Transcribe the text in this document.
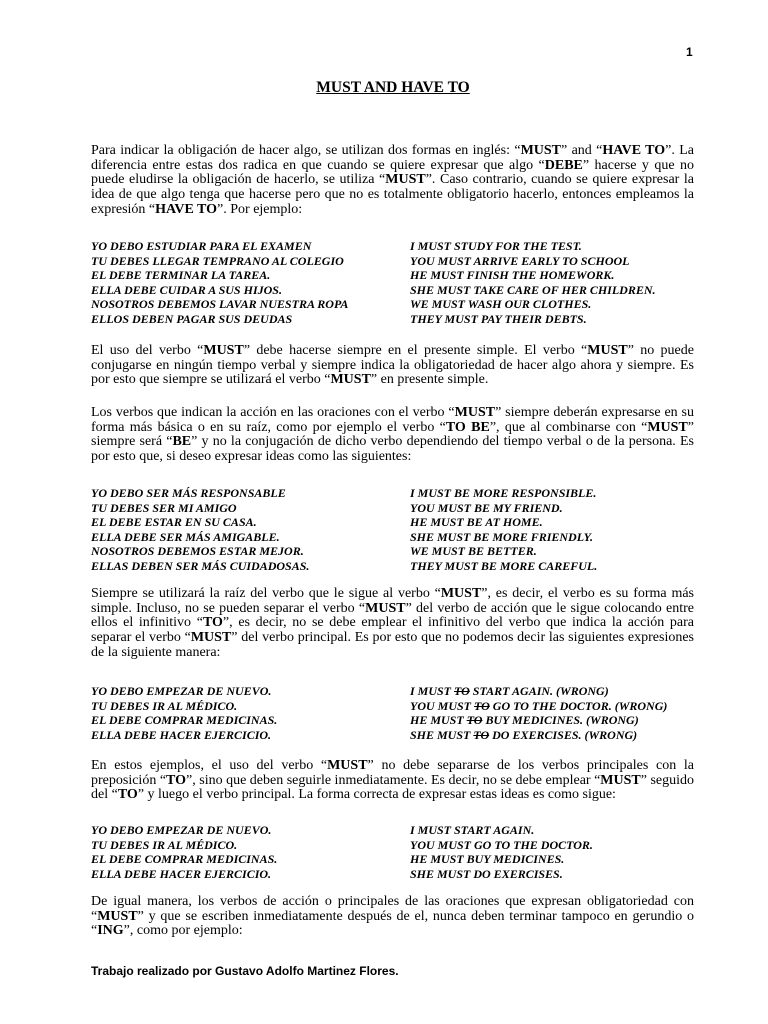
1
MUST AND HAVE TO
Para indicar la obligación de hacer algo, se utilizan dos formas en inglés: “MUST” and “HAVE TO”. La diferencia entre estas dos radica en que cuando se quiere expresar que algo “DEBE” hacerse y que no puede eludirse la obligación de hacerlo, se utiliza “MUST”. Caso contrario, cuando se quiere expresar la idea de que algo tenga que hacerse pero que no es totalmente obligatorio hacerlo, entonces empleamos la expresión “HAVE TO”. Por ejemplo:
YO DEBO ESTUDIAR PARA EL EXAMEN	I MUST STUDY FOR THE TEST.
TU DEBES LLEGAR TEMPRANO AL COLEGIO	YOU MUST ARRIVE EARLY TO SCHOOL
EL DEBE TERMINAR LA TAREA.	HE MUST FINISH THE HOMEWORK.
ELLA DEBE CUIDAR A SUS HIJOS.	SHE MUST TAKE CARE OF HER CHILDREN.
NOSOTROS DEBEMOS LAVAR NUESTRA ROPA	WE MUST WASH OUR CLOTHES.
ELLOS DEBEN PAGAR SUS DEUDAS	THEY MUST PAY THEIR DEBTS.
El uso del verbo “MUST” debe hacerse siempre en el presente simple. El verbo “MUST” no puede conjugarse en ningún tiempo verbal y siempre indica la obligatoriedad de hacer algo ahora y siempre. Es por esto que siempre se utilizará el verbo “MUST” en presente simple.
Los verbos que indican la acción en las oraciones con el verbo “MUST” siempre deberán expresarse en su forma más básica o en su raíz, como por ejemplo el verbo “TO BE”, que al combinarse con “MUST” siempre será “BE” y no la conjugación de dicho verbo dependiendo del tiempo verbal o de la persona. Es por esto que, si deseo expresar ideas como las siguientes:
YO DEBO SER MÁS RESPONSABLE	I MUST BE MORE RESPONSIBLE.
TU DEBES SER MI AMIGO	YOU MUST BE MY FRIEND.
EL DEBE ESTAR EN SU CASA.	HE MUST BE AT HOME.
ELLA DEBE SER MÁS AMIGABLE.	SHE MUST BE MORE FRIENDLY.
NOSOTROS DEBEMOS ESTAR MEJOR.	WE MUST BE BETTER.
ELLAS DEBEN SER MÁS CUIDADOSAS.	THEY MUST BE MORE CAREFUL.
Siempre se utilizará la raíz del verbo que le sigue al verbo “MUST”, es decir, el verbo es su forma más simple. Incluso, no se pueden separar el verbo “MUST” del verbo de acción que le sigue colocando entre ellos el infinitivo “TO”, es decir, no se debe emplear el infinitivo del verbo que indica la acción para separar el verbo “MUST” del verbo principal. Es por esto que no podemos decir las siguientes expresiones de la siguiente manera:
YO DEBO EMPEZAR DE NUEVO.	I MUST TO START AGAIN. (WRONG)
TU DEBES IR AL MÉDICO.	YOU MUST TO GO TO THE DOCTOR. (WRONG)
EL DEBE COMPRAR MEDICINAS.	HE MUST TO BUY MEDICINES. (WRONG)
ELLA DEBE HACER EJERCICIO.	SHE MUST TO DO EXERCISES. (WRONG)
En estos ejemplos, el uso del verbo “MUST” no debe separarse de los verbos principales con la preposición “TO”, sino que deben seguirle inmediatamente. Es decir, no se debe emplear “MUST” seguido del “TO” y luego el verbo principal. La forma correcta de expresar estas ideas es como sigue:
YO DEBO EMPEZAR DE NUEVO.	I MUST START AGAIN.
TU DEBES IR AL MÉDICO.	YOU MUST GO TO THE DOCTOR.
EL DEBE COMPRAR MEDICINAS.	HE MUST BUY MEDICINES.
ELLA DEBE HACER EJERCICIO.	SHE MUST DO EXERCISES.
De igual manera, los verbos de acción o principales de las oraciones que expresan obligatoriedad con “MUST” y que se escriben inmediatamente después de el, nunca deben terminar tampoco en gerundio o “ING”, como por ejemplo:
Trabajo realizado por Gustavo Adolfo Martinez Flores.
